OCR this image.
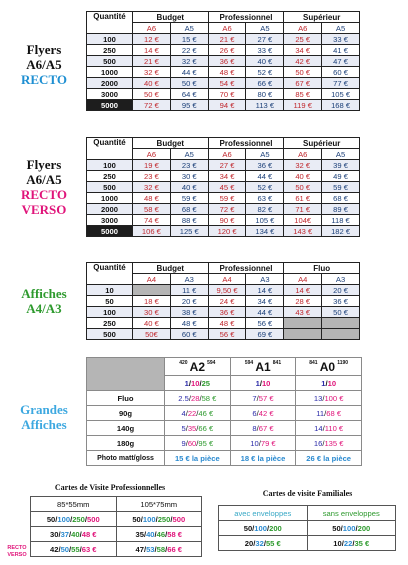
Flyers
A6/A5
RECTO
Flyers
A6/A5
RECTO
VERSO
Affiches
A4/A3
Grandes
Affiches
Quantité	Budget		Professionnel		Supérieur	
	A6	A5	A6	A5	A6	A5
100	12 €	15 €	21 €	27 €	25 €	33 €
250	14 €	22 €	26 €	33 €	34 €	41 €
500	21 €	32 €	36 €	40 €	42 €	47 €
1000	32 €	44 €	48 €	52 €	50 €	60 €
2000	40 €	50 €	54 €	66 €	67 €	77 €
3000	50 €	64 €	70 €	80 €	85 €	105 €
5000	72 €	95 €	94 €	113 €	119 €	168 €
Quantité	Budget		Professionnel		Supérieur	
	A6	A5	A6	A5	A6	A5
100	19 €	23 €	27 €	36 €	32 €	39 €
250	23 €	30 €	34 €	44 €	40 €	49 €
500	32 €	40 €	45 €	52 €	50 €	59 €
1000	48 €	59 €	59 €	63 €	61 €	68 €
2000	58 €	68 €	72 €	82 €	71 €	89 €
3000	74 €	88 €	90 €	105 €	104€	118 €
5000	106 €	125 €	120 €	134 €	143 €	182 €
Quantité	Budget		Professionnel		Fluo	
	A4	A3	A4	A3	A4	A3
10		11 €	9,50 €	14 €	14 €	20 €
50	18 €	20 €	24 €	34 €	28 €	36 €
100	30 €	38 €	36 €	44 €	43 €	50 €
250	40 €	48 €	48 €	56 €		
500	50€	60 €	56 €	69 €		
	$^{420}$ A2 $^{594}$	$^{594}$ A1 $^{841}$	$^{841}$ A0 $^{1190}$
	1/10/25	1/10	1/10
Fluo	2.5/28/58 €	7/57 €	13/100 €
90g	4/22/46 €	6/42 €	11/68 €
140g	5/35/66 €	8/67 €	14/110 €
180g	9/60/95 €	10/79 €	16/135 €
Photo matt/gloss	15 € la pièce	18 € la pièce	26 € la pièce
Cartes de Visite Professionnelles
85*55mm	105*75mm
50/100/250/500	50/100/250/500
30/37/40/48 €	35/40/46/58 €
42/50/55/63 €	47/53/58/66 €
RECTO
VERSO
Cartes de visite Familiales
avec enveloppes	sans enveloppes
50/100/200	50/100/200
20/32/55 €	10/22/35 €
